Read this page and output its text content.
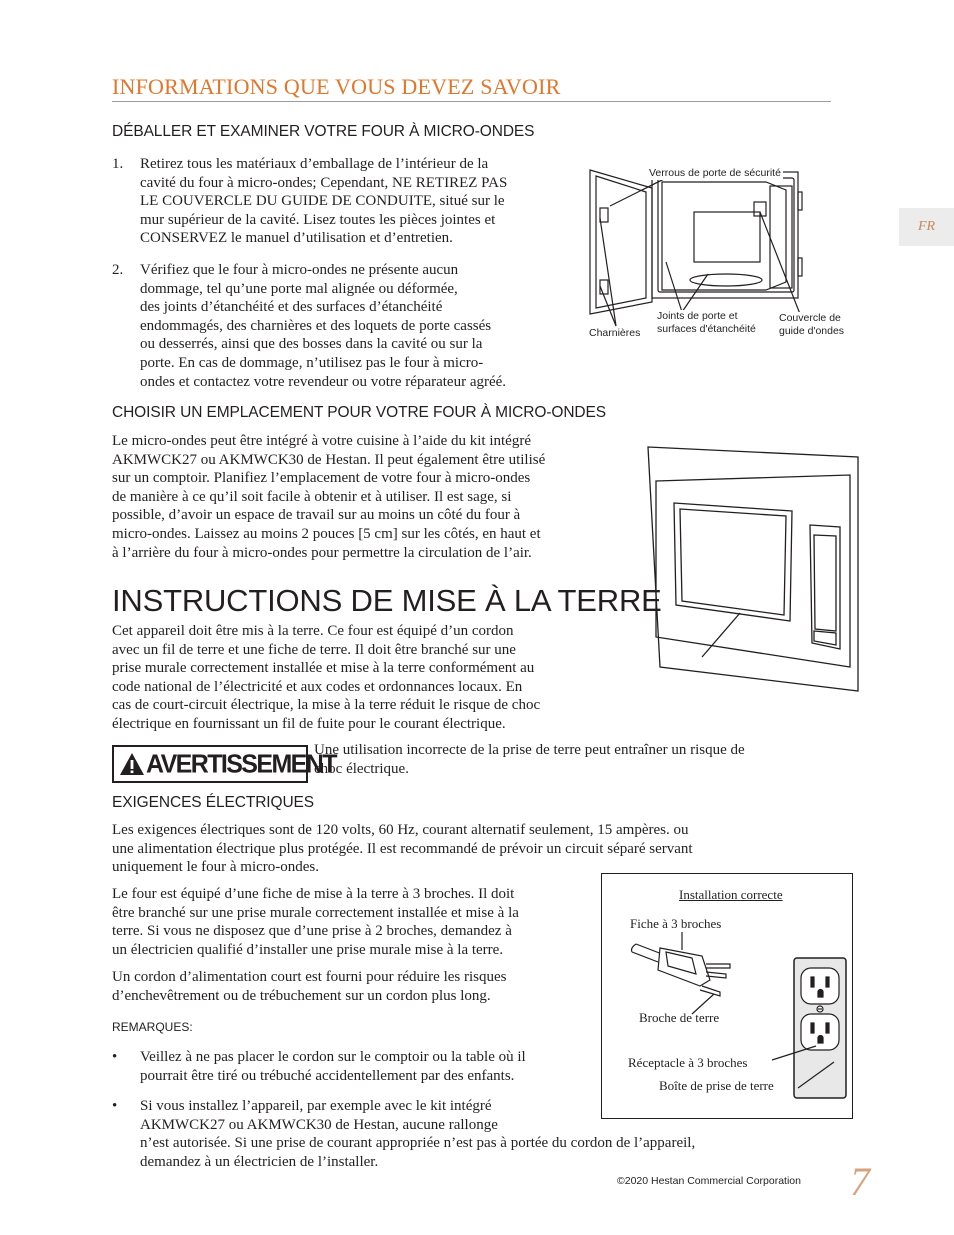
FR
INFORMATIONS QUE VOUS DEVEZ SAVOIR
DÉBALLER ET EXAMINER VOTRE FOUR À MICRO-ONDES
1. Retirez tous les matériaux d’emballage de l’intérieur de la
cavité du four à micro-ondes; Cependant, NE RETIREZ PAS
LE COUVERCLE DU GUIDE DE CONDUITE, situé sur le
mur supérieur de la cavité. Lisez toutes les pièces jointes et
CONSERVEZ le manuel d’utilisation et d’entretien.
2. Vérifiez que le four à micro-ondes ne présente aucun
dommage, tel qu’une porte mal alignée ou déformée,
des joints d’étanchéité et des surfaces d’étanchéité
endommagés, des charnières et des loquets de porte cassés
ou desserrés, ainsi que des bosses dans la cavité ou sur la
porte. En cas de dommage, n’utilisez pas le four à micro-
ondes et contactez votre revendeur ou votre réparateur agréé.
Verrous de porte de sécurité
Charnières
Joints de porte et
surfaces d'étanchéité
Couvercle de
guide d'ondes
CHOISIR UN EMPLACEMENT POUR VOTRE FOUR À MICRO-ONDES
Le micro-ondes peut être intégré à votre cuisine à l’aide du kit intégré
AKMWCK27 ou AKMWCK30 de Hestan. Il peut également être utilisé
sur un comptoir. Planifiez l’emplacement de votre four à micro-ondes
de manière à ce qu’il soit facile à obtenir et à utiliser. Il est sage, si
possible, d’avoir un espace de travail sur au moins un côté du four à
micro-ondes. Laissez au moins 2 pouces [5 cm] sur les côtés, en haut et
à l’arrière du four à micro-ondes pour permettre la circulation de l’air.
INSTRUCTIONS DE MISE À LA TERRE
Cet appareil doit être mis à la terre. Ce four est équipé d’un cordon
avec un fil de terre et une fiche de terre. Il doit être branché sur une
prise murale correctement installée et mise à la terre conformément au
code national de l’électricité et aux codes et ordonnances locaux. En
cas de court-circuit électrique, la mise à la terre réduit le risque de choc
électrique en fournissant un fil de fuite pour le courant électrique.
AVERTISSEMENT
Une utilisation incorrecte de la prise de terre peut entraîner un risque de
choc électrique.
EXIGENCES ÉLECTRIQUES
Les exigences électriques sont de 120 volts, 60 Hz, courant alternatif seulement, 15 ampères. ou
une alimentation électrique plus protégée. Il est recommandé de prévoir un circuit séparé servant
uniquement le four à micro-ondes.
Le four est équipé d’une fiche de mise à la terre à 3 broches. Il doit
être branché sur une prise murale correctement installée et mise à la
terre. Si vous ne disposez que d’une prise à 2 broches, demandez à
un électricien qualifié d’installer une prise murale mise à la terre.
Un cordon d’alimentation court est fourni pour réduire les risques
d’enchevêtrement ou de trébuchement sur un cordon plus long.
REMARQUES:
• Veillez à ne pas placer le cordon sur le comptoir ou la table où il
pourrait être tiré ou trébuché accidentellement par des enfants.
• Si vous installez l’appareil, par exemple avec le kit intégré
AKMWCK27 ou AKMWCK30 de Hestan, aucune rallonge
n’est autorisée. Si une prise de courant appropriée n’est pas à portée du cordon de l’appareil,
demandez à un électricien de l’installer.
Installation correcte
Fiche à 3 broches
Broche de terre
Réceptacle à 3 broches
Boîte de prise de terre
©2020 Hestan Commercial Corporation 7
